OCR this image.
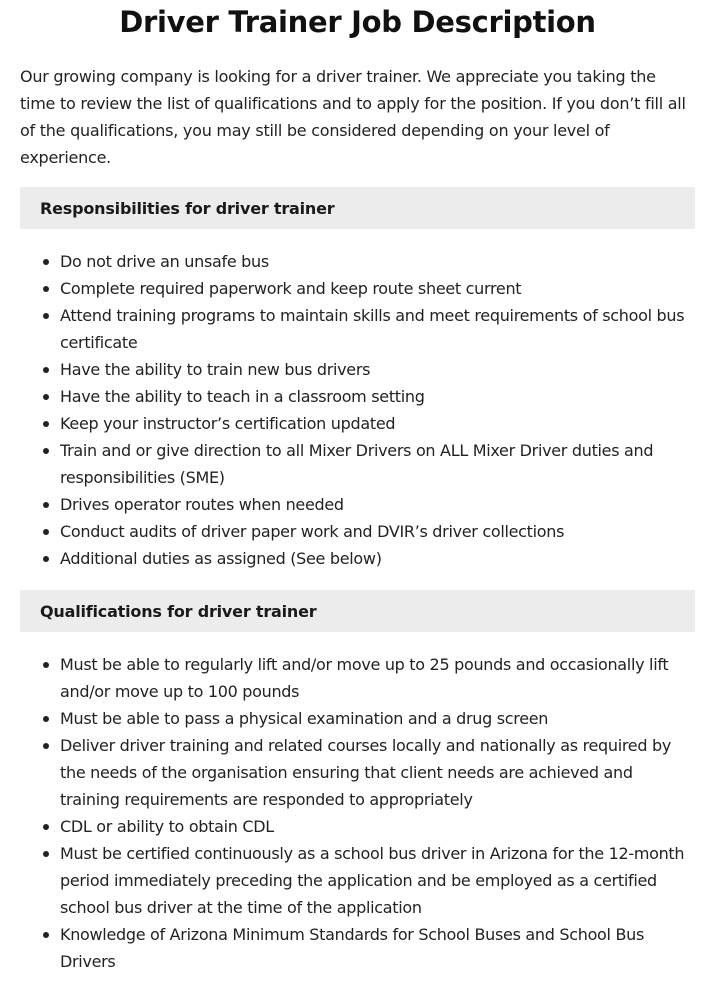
Driver Trainer Job Description

Our growing company is looking for a driver trainer. We appreciate you taking the time to review the list of qualifications and to apply for the position. If you don’t fill all of the qualifications, you may still be considered depending on your level of experience.

Responsibilities for driver trainer
Do not drive an unsafe bus
Complete required paperwork and keep route sheet current
Attend training programs to maintain skills and meet requirements of school bus certificate
Have the ability to train new bus drivers
Have the ability to teach in a classroom setting
Keep your instructor’s certification updated
Train and or give direction to all Mixer Drivers on ALL Mixer Driver duties and responsibilities (SME)
Drives operator routes when needed
Conduct audits of driver paper work and DVIR’s driver collections
Additional duties as assigned (See below)
Qualifications for driver trainer
Must be able to regularly lift and/or move up to 25 pounds and occasionally lift and/or move up to 100 pounds
Must be able to pass a physical examination and a drug screen
Deliver driver training and related courses locally and nationally as required by the needs of the organisation ensuring that client needs are achieved and training requirements are responded to appropriately
CDL or ability to obtain CDL
Must be certified continuously as a school bus driver in Arizona for the 12-month period immediately preceding the application and be employed as a certified school bus driver at the time of the application
Knowledge of Arizona Minimum Standards for School Buses and School Bus Drivers
